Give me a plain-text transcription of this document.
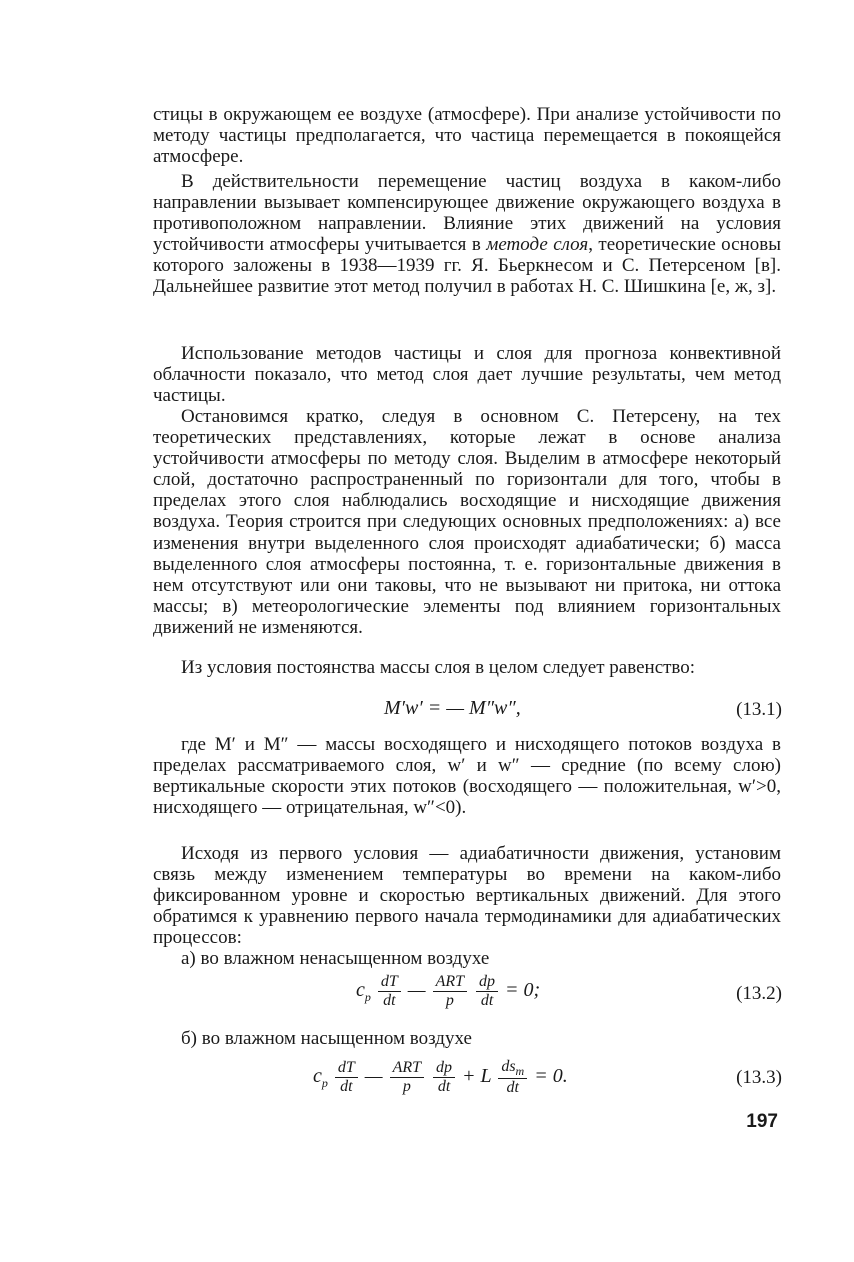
стицы в окружающем ее воздухе (атмосфере). При анализе устойчивости по методу частицы предполагается, что частица перемещается в покоящейся атмосфере.

В действительности перемещение частиц воздуха в каком-либо направлении вызывает компенсирующее движение окружающего воздуха в противоположном направлении. Влияние этих движений на условия устойчивости атмосферы учитывается в методе слоя, теоретические основы которого заложены в 1938—1939 гг. Я. Бьеркнесом и С. Петерсеном [в]. Дальнейшее развитие этот метод получил в работах Н. С. Шишкина [е, ж, з].

Использование методов частицы и слоя для прогноза конвективной облачности показало, что метод слоя дает лучшие результаты, чем метод частицы.

Остановимся кратко, следуя в основном С. Петерсену, на тех теоретических представлениях, которые лежат в основе анализа устойчивости атмосферы по методу слоя. Выделим в атмосфере некоторый слой, достаточно распространенный по горизонтали для того, чтобы в пределах этого слоя наблюдались восходящие и нисходящие движения воздуха. Теория строится при следующих основных предположениях: а) все изменения внутри выделенного слоя происходят адиабатически; б) масса выделенного слоя атмосферы постоянна, т. е. горизонтальные движения в нем отсутствуют или они таковы, что не вызывают ни притока, ни оттока массы; в) метеорологические элементы под влиянием горизонтальных движений не изменяются.

Из условия постоянства массы слоя в целом следует равенство:

M′w′ = — M″w″,	(13.1)

где M′ и M″ — массы восходящего и нисходящего потоков воздуха в пределах рассматриваемого слоя, w′ и w″ — средние (по всему слою) вертикальные скорости этих потоков (восходящего — положительная, w′>0, нисходящего — отрицательная, w″<0).

Исходя из первого условия — адиабатичности движения, установим связь между изменением температуры во времени на каком-либо фиксированном уровне и скоростью вертикальных движений. Для этого обратимся к уравнению первого начала термодинамики для адиабатических процессов:

а) во влажном ненасыщенном воздухе

$c_p \frac{dT}{dt}$ — $\frac{\text{ART}}{p}$
$\frac{dp}{dt} = 0$;	(13.2)

б) во влажном насыщенном воздухе

$c_p \frac{dT}{dt}$ — $\frac{\text{ART}}{p}$
$\frac{dp}{dt} + L \frac{ds_m}{dt} = 0$.	(13.3)
197
